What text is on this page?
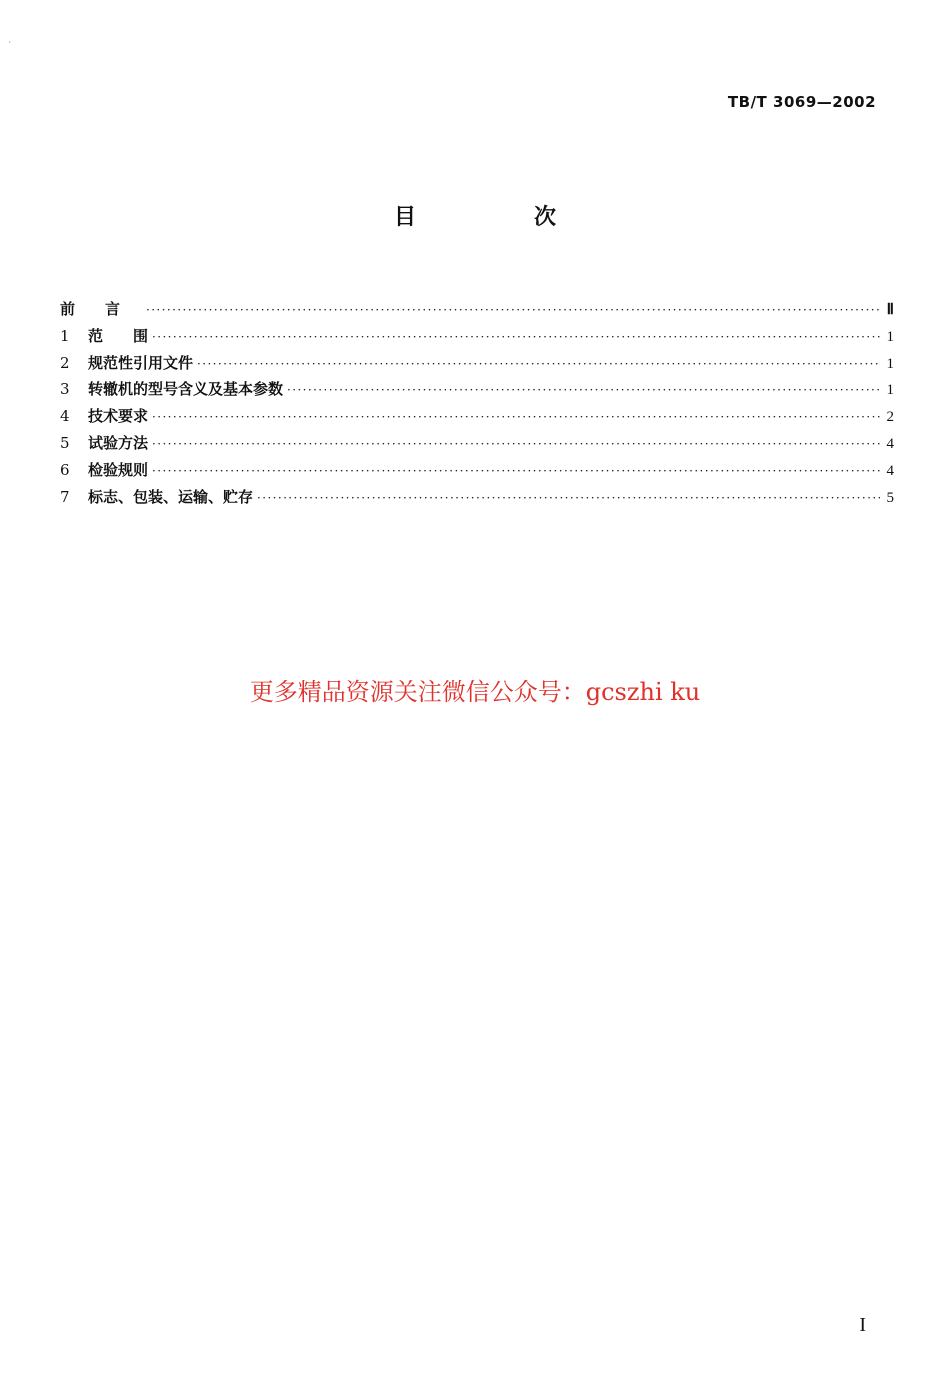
ˎ
TB/T 3069—2002
目　次
前　　言 ·····	Ⅱ
1	范　　围 ·····	1
2	规范性引用文件 ·····	1
3	转辙机的型号含义及基本参数 ·····	1
4	技术要求 ·····	2
5	试验方法 ·····	4
6	检验规则 ·····	4
7	标志、包装、运输、贮存 ·····	5
更多精品资源关注微信公众号：gcszhi ku
I
